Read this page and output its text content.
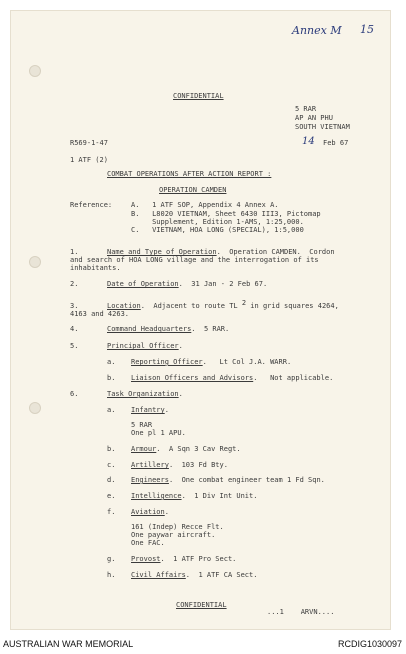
Annex M 15
14
CONFIDENTIAL
5 RAR
AP AN PHU
SOUTH VIETNAM
Feb 67
R569-1-47
1 ATF (2)
COMBAT OPERATIONS AFTER ACTION REPORT :
OPERATION CAMDEN
Reference:	A.   1 ATF SOP, Appendix 4 Annex A.
B.   L8020 VIETNAM, Sheet 6430 III3, Pictomap
Supplement, Edition 1-AMS, 1:25,000.
C.   VIETNAM, HOA LONG (SPECIAL), 1:5,000
1.	Name and Type of Operation.  Operation CAMDEN.  Cordon
and search of HOA LONG village and the interrogation of its
inhabitants.
2.	Date of Operation.  31 Jan - 2 Feb 67.
3.	Location.  Adjacent to route TL 2 in grid squares 4264,
4163 and 4263.
4.	Command Headquarters.  5 RAR.
5.	Principal Officer.
a. Reporting Officer.   Lt Col J.A. WARR.
b. Liaison Officers and Advisors.   Not applicable.
6.	Task Organization.
a. Infantry.
5 RAR
One pl 1 APU.
b. Armour.  A Sqn 3 Cav Regt.
c. Artillery.  103 Fd Bty.
d. Engineers.  One combat engineer team 1 Fd Sqn.
e. Intelligence.  1 Div Int Unit.
f. Aviation.
161 (Indep) Recce Flt.
One paywar aircraft.
One FAC.
g. Provost.  1 ATF Pro Sect.
h. Civil Affairs.  1 ATF CA Sect.
CONFIDENTIAL
...1    ARVN....
AUSTRALIAN WAR MEMORIAL	RCDIG1030097
